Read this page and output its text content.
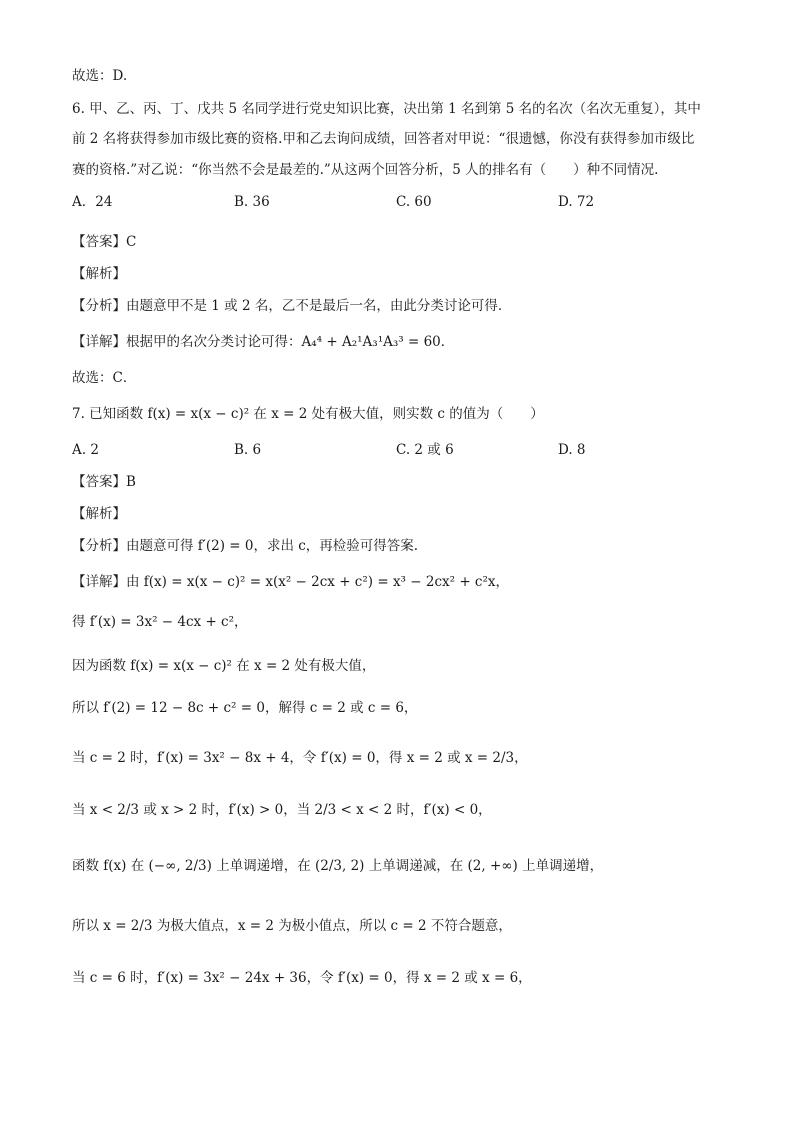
故选：D.
6. 甲、乙、丙、丁、戊共 5 名同学进行党史知识比赛，决出第 1 名到第 5 名的名次（名次无重复），其中
前 2 名将获得参加市级比赛的资格.甲和乙去询问成绩，回答者对甲说：“很遗憾，你没有获得参加市级比
赛的资格.”对乙说：“你当然不会是最差的.”从这两个回答分析，5 人的排名有（　　）种不同情况.
A．24	B. 36	C. 60	D. 72
【答案】C
【解析】
【分析】由题意甲不是 1 或 2 名，乙不是最后一名，由此分类讨论可得．
【详解】根据甲的名次分类讨论可得：A₄⁴ + A₂¹A₃¹A₃³ = 60．
故选：C．
7. 已知函数 f(x) = x(x − c)² 在 x = 2 处有极大值，则实数 c 的值为（　　）
A. 2	B. 6	C. 2 或 6	D. 8
【答案】B
【解析】
【分析】由题意可得 f′(2) = 0，求出 c，再检验可得答案.
【详解】由 f(x) = x(x − c)² = x(x² − 2cx + c²) = x³ − 2cx² + c²x，
得 f′(x) = 3x² − 4cx + c²，
因为函数 f(x) = x(x − c)² 在 x = 2 处有极大值，
所以 f′(2) = 12 − 8c + c² = 0，解得 c = 2 或 c = 6，
当 c = 2 时，f′(x) = 3x² − 8x + 4，令 f′(x) = 0，得 x = 2 或 x = 2/3，
当 x < 2/3 或 x > 2 时，f′(x) > 0，当 2/3 < x < 2 时，f′(x) < 0，
函数 f(x) 在 (−∞, 2/3) 上单调递增，在 (2/3, 2) 上单调递减，在 (2, +∞) 上单调递增，
所以 x = 2/3 为极大值点，x = 2 为极小值点，所以 c = 2 不符合题意，
当 c = 6 时，f′(x) = 3x² − 24x + 36，令 f′(x) = 0，得 x = 2 或 x = 6，
